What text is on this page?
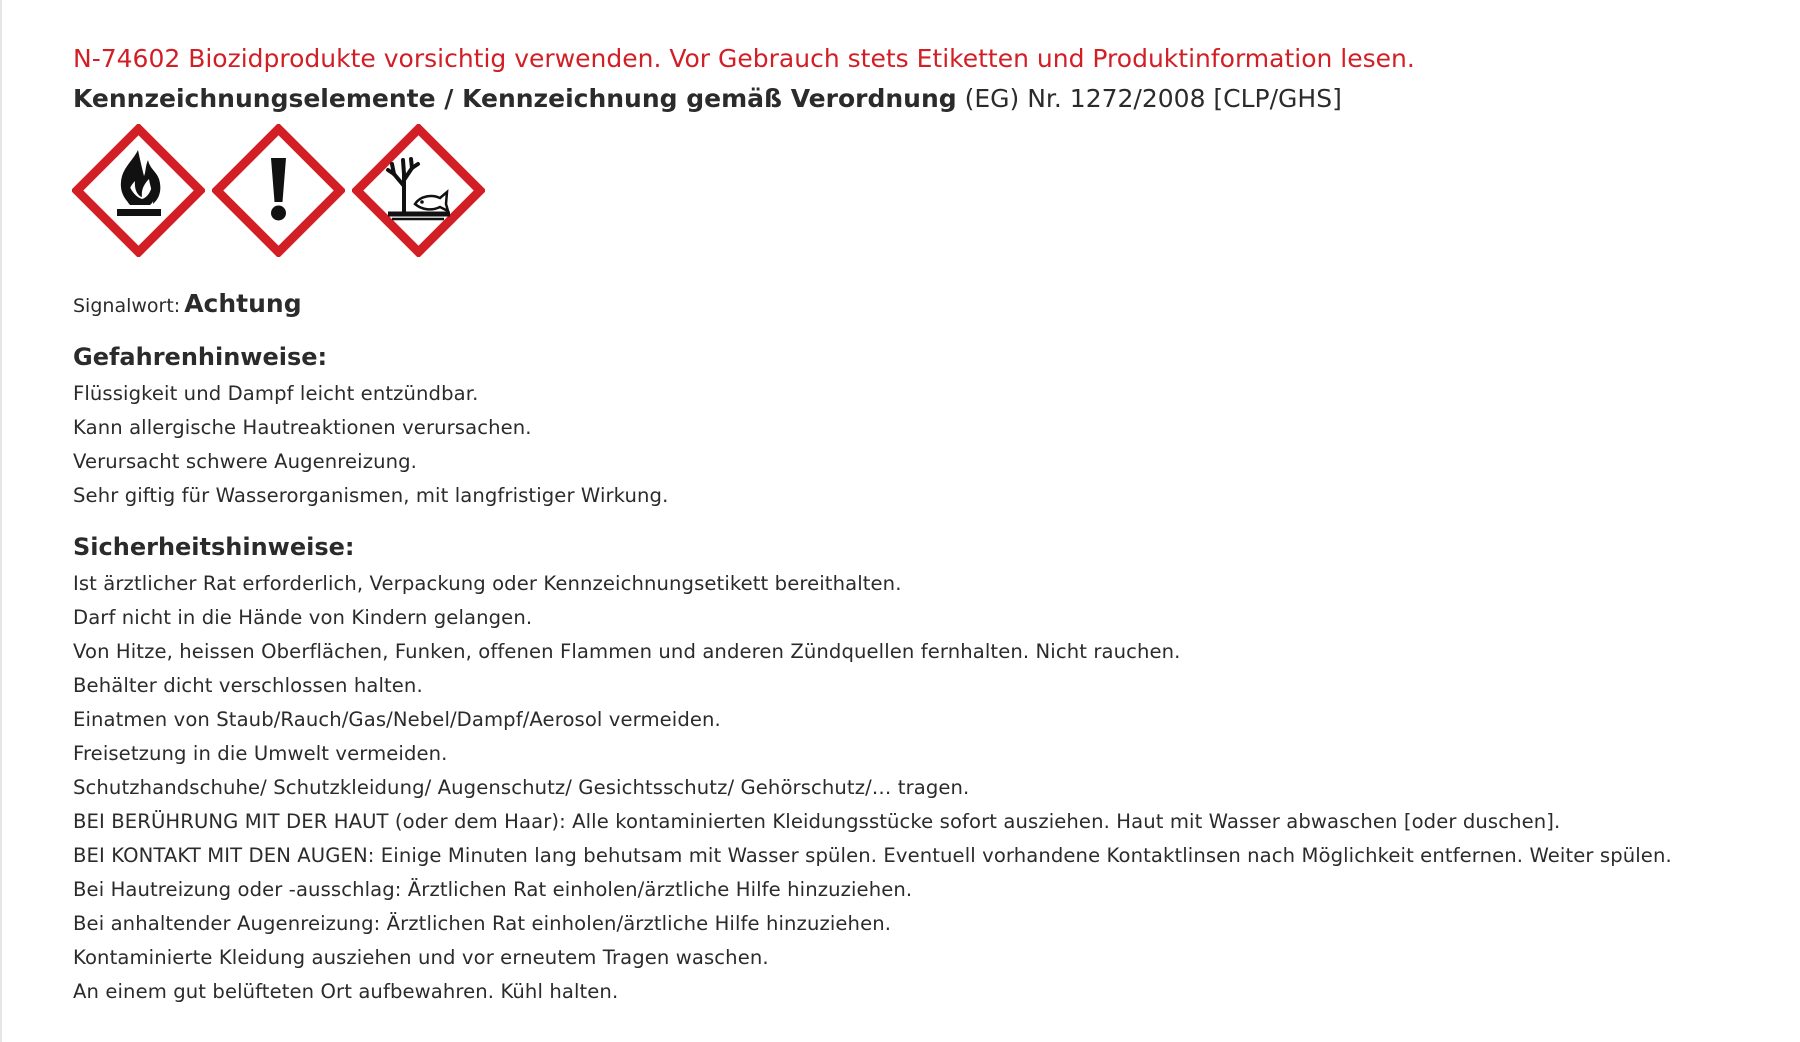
N-74602 Biozidprodukte vorsichtig verwenden. Vor Gebrauch stets Etiketten und Produktinformation lesen.

Kennzeichnungselemente / Kennzeichnung gemäß Verordnung (EG) Nr. 1272/2008 [CLP/GHS]

Signalwort: Achtung

Gefahrenhinweise:
Flüssigkeit und Dampf leicht entzündbar.
Kann allergische Hautreaktionen verursachen.
Verursacht schwere Augenreizung.
Sehr giftig für Wasserorganismen, mit langfristiger Wirkung.
Sicherheitshinweise:
Ist ärztlicher Rat erforderlich, Verpackung oder Kennzeichnungsetikett bereithalten.
Darf nicht in die Hände von Kindern gelangen.
Von Hitze, heissen Oberflächen, Funken, offenen Flammen und anderen Zündquellen fernhalten. Nicht rauchen.
Behälter dicht verschlossen halten.
Einatmen von Staub/Rauch/Gas/Nebel/Dampf/Aerosol vermeiden.
Freisetzung in die Umwelt vermeiden.
Schutzhandschuhe/ Schutzkleidung/ Augenschutz/ Gesichtsschutz/ Gehörschutz/… tragen.
BEI BERÜHRUNG MIT DER HAUT (oder dem Haar): Alle kontaminierten Kleidungsstücke sofort ausziehen. Haut mit Wasser abwaschen [oder duschen].
BEI KONTAKT MIT DEN AUGEN: Einige Minuten lang behutsam mit Wasser spülen. Eventuell vorhandene Kontaktlinsen nach Möglichkeit entfernen. Weiter spülen.
Bei Hautreizung oder -ausschlag: Ärztlichen Rat einholen/ärztliche Hilfe hinzuziehen.
Bei anhaltender Augenreizung: Ärztlichen Rat einholen/ärztliche Hilfe hinzuziehen.
Kontaminierte Kleidung ausziehen und vor erneutem Tragen waschen.
An einem gut belüfteten Ort aufbewahren. Kühl halten.
